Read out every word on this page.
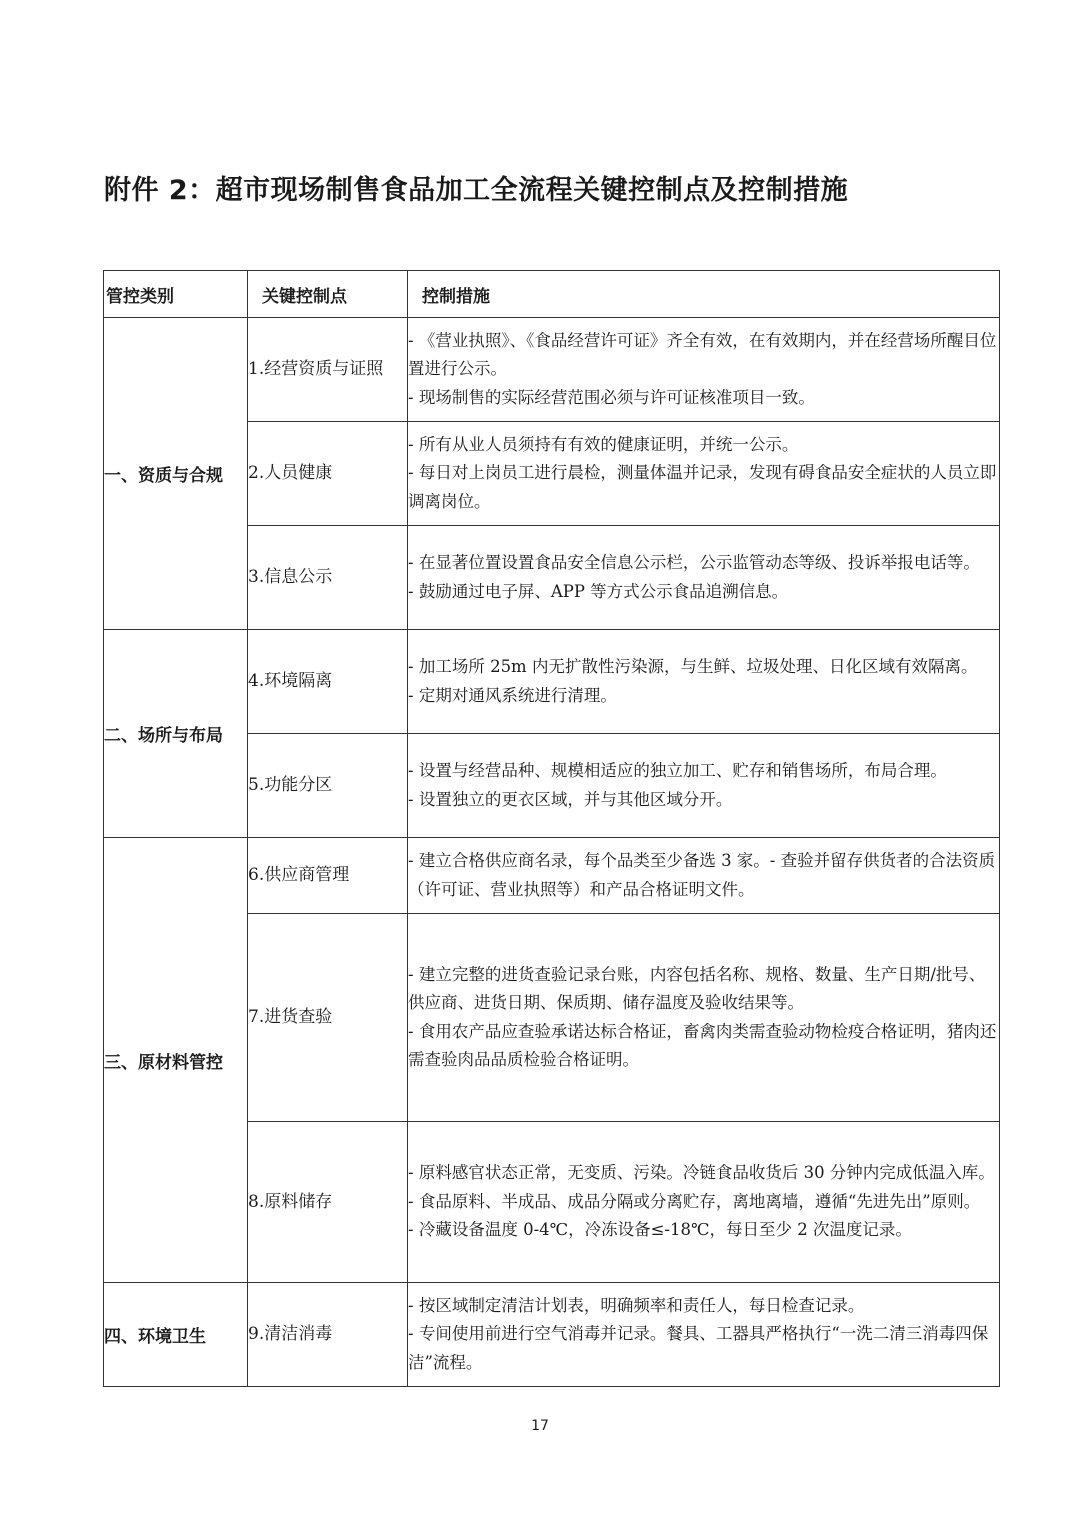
附件 2：超市现场制售食品加工全流程关键控制点及控制措施
管控类别	关键控制点	控制措施
一、资质与合规	1.经营资质与证照	- 《营业执照》、《食品经营许可证》齐全有效，在有效期内，并在经营场所醒目位置进行公示。
- 现场制售的实际经营范围必须与许可证核准项目一致。

	2.人员健康	- 所有从业人员须持有有效的健康证明，并统一公示。
- 每日对上岗员工进行晨检，测量体温并记录，发现有碍食品安全症状的人员立即调离岗位。

	3.信息公示	- 在显著位置设置食品安全信息公示栏，公示监管动态等级、投诉举报电话等。
- 鼓励通过电子屏、APP 等方式公示食品追溯信息。

二、场所与布局	4.环境隔离	- 加工场所 25m 内无扩散性污染源，与生鲜、垃圾处理、日化区域有效隔离。
- 定期对通风系统进行清理。

	5.功能分区	- 设置与经营品种、规模相适应的独立加工、贮存和销售场所，布局合理。
- 设置独立的更衣区域，并与其他区域分开。

三、原材料管控	6.供应商管理	- 建立合格供应商名录，每个品类至少备选 3 家。- 查验并留存供货者的合法资质（许可证、营业执照等）和产品合格证明文件。

	7.进货查验	- 建立完整的进货查验记录台账，内容包括名称、规格、数量、生产日期/批号、供应商、进货日期、保质期、储存温度及验收结果等。
- 食用农产品应查验承诺达标合格证，畜禽肉类需查验动物检疫合格证明，猪肉还需查验肉品品质检验合格证明。

	8.原料储存	- 原料感官状态正常，无变质、污染。冷链食品收货后 30 分钟内完成低温入库。
- 食品原料、半成品、成品分隔或分离贮存，离地离墙，遵循“先进先出”原则。
- 冷藏设备温度 0-4℃，冷冻设备≤-18℃，每日至少 2 次温度记录。

四、环境卫生	9.清洁消毒	- 按区域制定清洁计划表，明确频率和责任人，每日检查记录。
- 专间使用前进行空气消毒并记录。餐具、工器具严格执行“一洗二清三消毒四保洁”流程。
17
